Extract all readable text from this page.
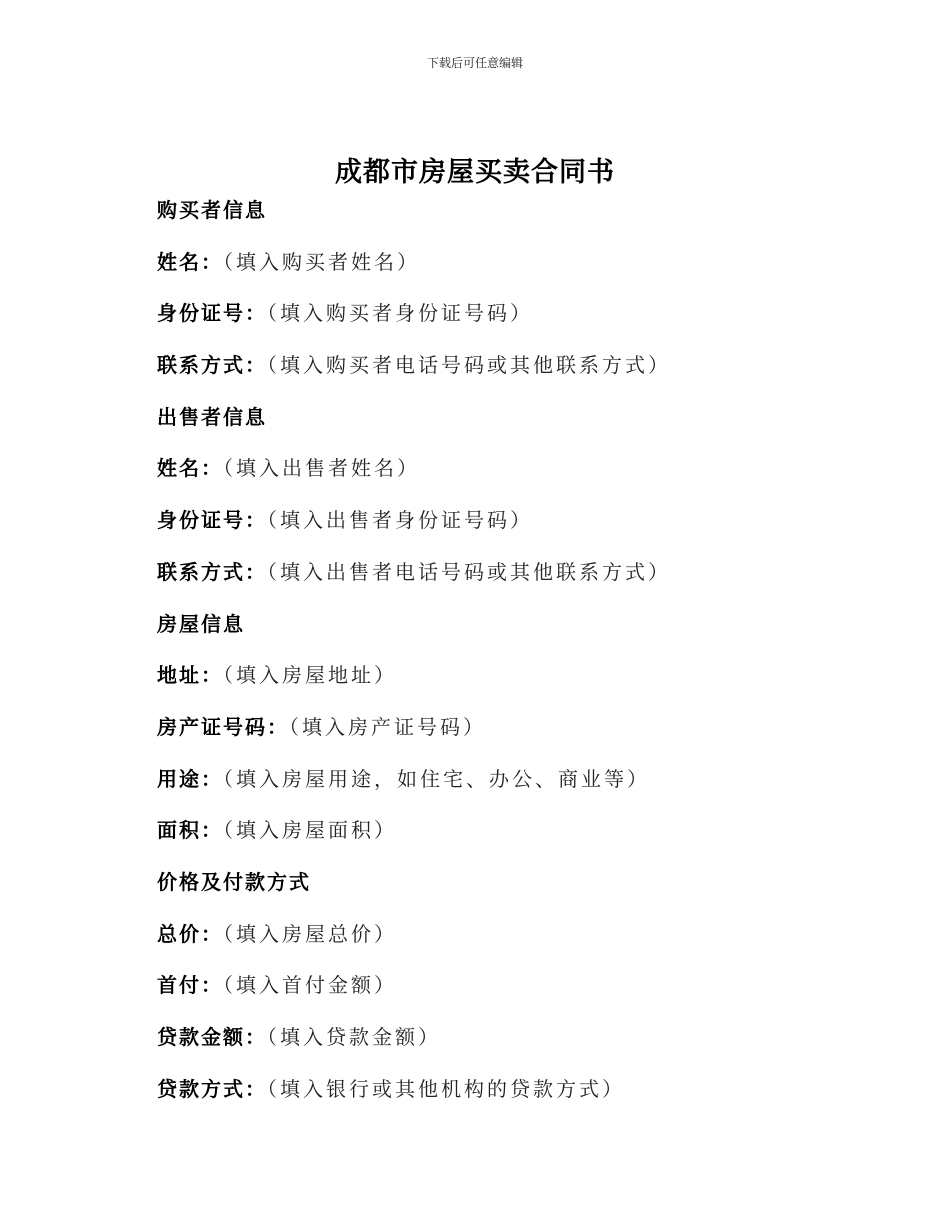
下载后可任意编辑
成都市房屋买卖合同书
购买者信息
姓名：（填入购买者姓名）
身份证号：（填入购买者身份证号码）
联系方式：（填入购买者电话号码或其他联系方式）
出售者信息
姓名：（填入出售者姓名）
身份证号：（填入出售者身份证号码）
联系方式：（填入出售者电话号码或其他联系方式）
房屋信息
地址：（填入房屋地址）
房产证号码：（填入房产证号码）
用途：（填入房屋用途，如住宅、办公、商业等）
面积：（填入房屋面积）
价格及付款方式
总价：（填入房屋总价）
首付：（填入首付金额）
贷款金额：（填入贷款金额）
贷款方式：（填入银行或其他机构的贷款方式）
